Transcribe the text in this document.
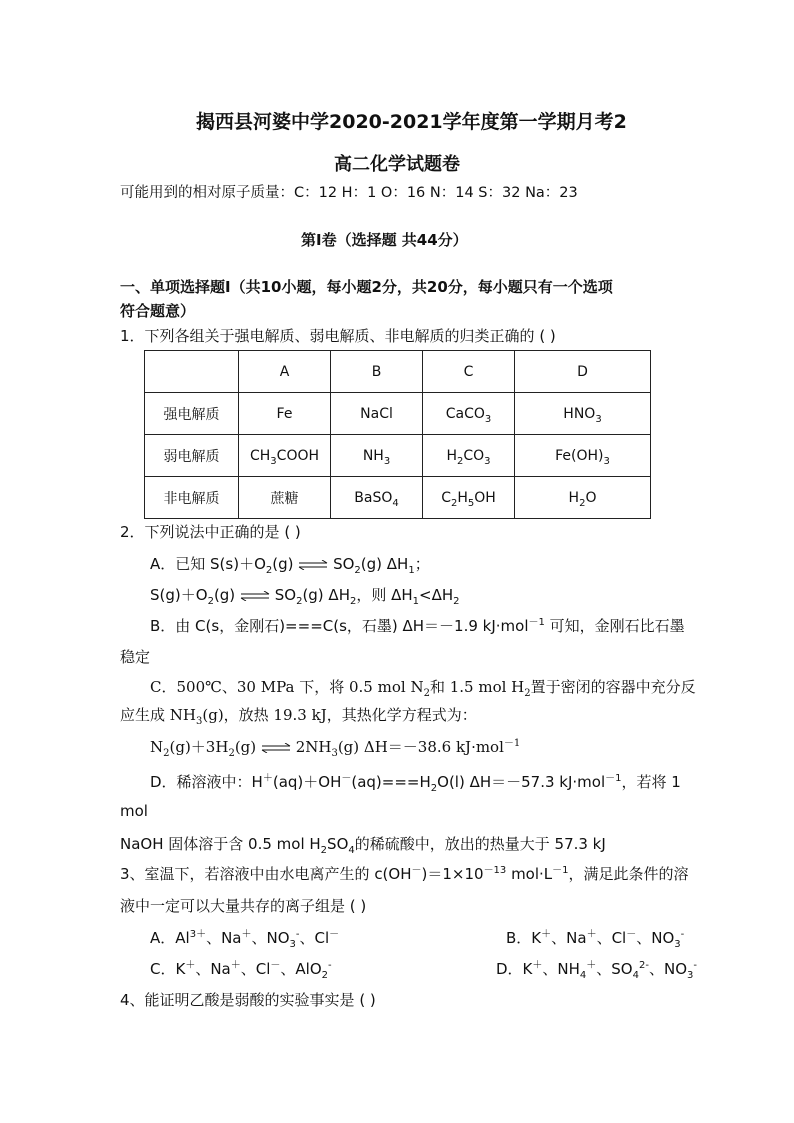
揭西县河婆中学2020-2021学年度第一学期月考2
高二化学试题卷
可能用到的相对原子质量：C：12 H：1 O：16 N：14 S：32 Na：23
第Ⅰ卷（选择题 共44分）
一、单项选择题Ⅰ（共10小题，每小题2分，共20分，每小题只有一个选项
符合题意）
1．下列各组关于强电解质、弱电解质、非电解质的归类正确的 ( )
	A	B	C	D
强电解质	Fe	NaCl	CaCO$_3$	$HNO_3$
弱电解质	$CH_3COOH$	$NH_3$	$H_2CO_3$	$Fe(OH)_3$
非电解质	蔗糖	BaSO$_4$	$C_2H_5OH$	$H_2O$
2．下列说法中正确的是 ( )
A．已知 $S(s)+O_2(g)$ ⇌ $SO_2(g)$ $\Delta H_1$；
$S(g)+O_2(g)$ ⇌ $SO_2(g)$ $\Delta H_2$，则 $\Delta H_1<\Delta H_2$
B．由 C(s，金刚石)===C(s，石墨) ΔH＝－1.9 kJ·mol$^{-1}$ 可知，金刚石比石墨
稳定
C．500℃、30 MPa 下，将 0.5 mol $N_2$和 1.5 mol $H_2$置于密闭的容器中充分反
应生成 $NH_3(g)$，放热 19.3 kJ，其热化学方程式为：
$N_2(g)+3H_2(g)$ ⇌ $2NH_3(g)$ ΔH＝－38.6 kJ·mol$^{-1}$
D．稀溶液中：$H^+(aq)+OH^-(aq)===H_2O(l)$ ΔH＝－57.3 kJ·mol$^{-1}$，若将 1
mol
NaOH 固体溶于含 0.5 mol $H_2SO_4$的稀硫酸中，放出的热量大于 57.3 kJ
3、室温下，若溶液中由水电离产生的 $c(OH^-)=1\times 10^{-13}$ $mol\cdot L^{-1}$，满足此条件的溶
液中一定可以大量共存的离子组是 ( )
A．$Al^{3+}$、Na＋、$NO_3^-$、Cl－	B．K＋、Na＋、Cl－、$NO_3^-$
C．K＋、Na＋、Cl－、AlO$_2$-	D．K＋、$NH_4^+$、$SO_4^{2-}$、$NO_3^-$
4、能证明乙酸是弱酸的实验事实是 ( )
